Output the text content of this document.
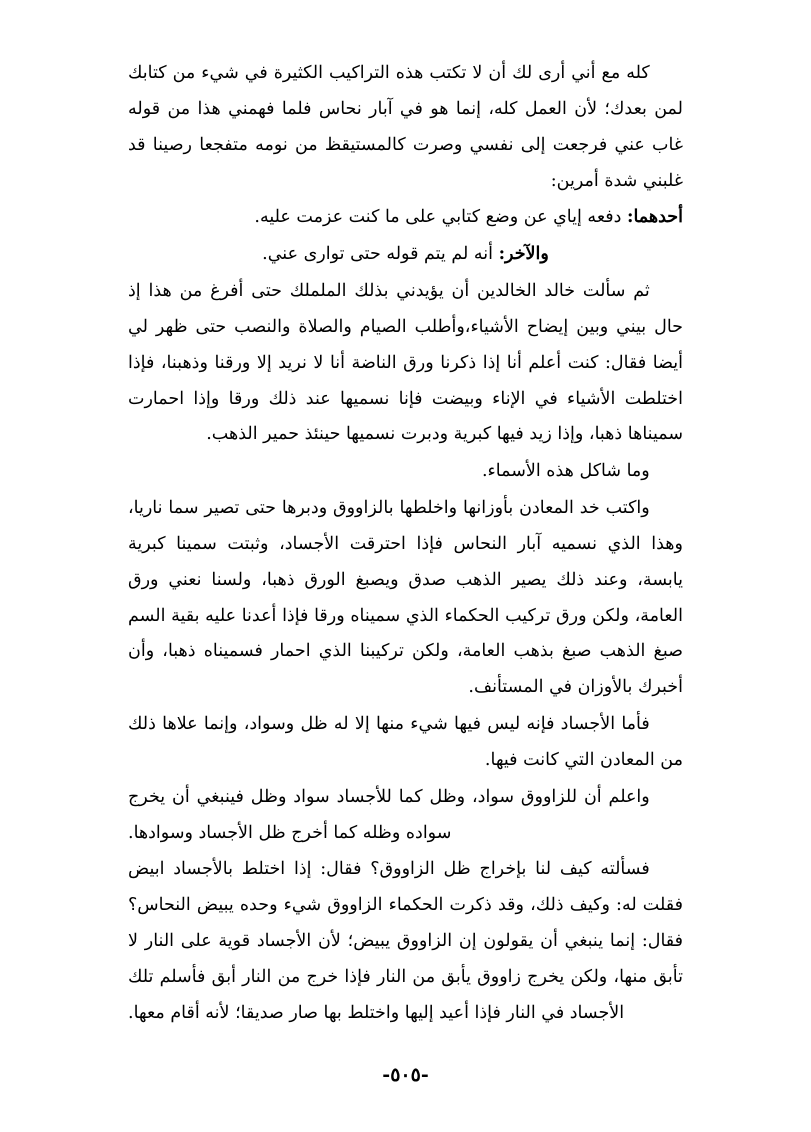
كله مع أني أرى لك أن لا تكتب هذه التراكيب الكثيرة في شيء من كتابك لمن بعدك؛ لأن العمل كله، إنما هو في آبار نحاس فلما فهمني هذا من قوله غاب عني فرجعت إلى نفسي وصرت كالمستيقظ من نومه متفجعا رصينا قد غلبني شدة أمرين:

أحدهما: دفعه إياي عن وضع كتابي على ما كنت عزمت عليه.

والآخر: أنه لم يتم قوله حتى توارى عني.

ثم سألت خالد الخالدين أن يؤيدني بذلك الململك حتى أفرغ من هذا إذ حال بيني وبين إيضاح الأشياء،وأطلب الصيام والصلاة والنصب حتى ظهر لي أيضا فقال: كنت أعلم أنا إذا ذكرنا ورق الناضة أنا لا نريد إلا ورقنا وذهبنا، فإذا اختلطت الأشياء في الإناء وبيضت فإنا نسميها عند ذلك ورقا وإذا احمارت سميناها ذهبا، وإذا زيد فيها كبرية ودبرت نسميها حينئذ حمير الذهب.

وما شاكل هذه الأسماء.

واكتب خد المعادن بأوزانها واخلطها بالزاووق ودبرها حتى تصير سما ناريا، وهذا الذي نسميه آبار النحاس فإذا احترقت الأجساد، وثبتت سمينا كبرية يابسة، وعند ذلك يصير الذهب صدق ويصبغ الورق ذهبا، ولسنا نعني ورق العامة، ولكن ورق تركيب الحكماء الذي سميناه ورقا فإذا أعدنا عليه بقية السم صبغ الذهب صبغ بذهب العامة، ولكن تركيبنا الذي احمار فسميناه ذهبا، وأن أخبرك بالأوزان في المستأنف.

فأما الأجساد فإنه ليس فيها شيء منها إلا له ظل وسواد، وإنما علاها ذلك من المعادن التي كانت فيها.

واعلم أن للزاووق سواد، وظل كما للأجساد سواد وظل فينبغي أن يخرج سواده وظله كما أخرج ظل الأجساد وسوادها.

فسألته كيف لنا بإخراج ظل الزاووق؟ فقال: إذا اختلط بالأجساد ابيض فقلت له: وكيف ذلك، وقد ذكرت الحكماء الزاووق شيء وحده يبيض النحاس؟ فقال: إنما ينبغي أن يقولون إن الزاووق يبيض؛ لأن الأجساد قوية على النار لا تأبق منها، ولكن يخرج زاووق يأبق من النار فإذا خرج من النار أبق فأسلم تلك الأجساد في النار فإذا أعيد إليها واختلط بها صار صديقا؛ لأنه أقام معها.

-٥٠٥-
